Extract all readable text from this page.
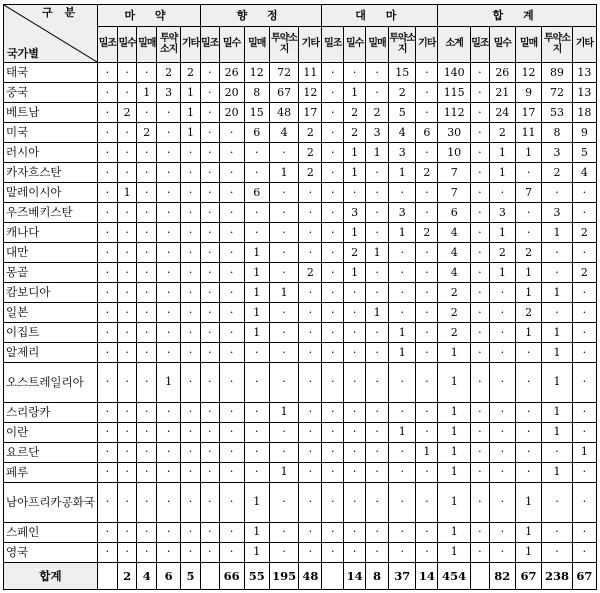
구 분
국가별	마 약					향 정					대 마					합 계					
	밀조	밀수	밀매	투약소지	기타	밀조	밀수	밀매	투약소지	기타	밀조	밀수	밀매	투약소지	기타	소계	밀조	밀수	밀매	투약소지	기타
태국	·	·	·	2	2	·	26	12	72	11	·	·	·	15	·	140	·	26	12	89	13
중국	·	·	1	3	1	·	20	8	67	12	·	1	·	2	·	115	·	21	9	72	13
베트남	·	2	·	·	1	·	20	15	48	17	·	2	2	5	·	112	·	24	17	53	18
미국	·	·	2	·	1	·	·	6	4	2	·	2	3	4	6	30	·	2	11	8	9
러시아	·	·	·	·	·	·	·	·	·	2	·	1	1	3	·	10	·	1	1	3	5
카자흐스탄	·	·	·	·	·	·	·	·	1	2	·	1	·	1	2	7	·	1	·	2	4
말레이시아	·	1	·	·	·	·	·	6	·	·	·	·	·	·	·	7	·	·	7	·	·
우즈베키스탄	·	·	·	·	·	·	·	·	·	·	·	3	·	3	·	6	·	3	·	3	·
캐나다	·	·	·	·	·	·	·	·	·	·	·	1	·	1	2	4	·	1	·	1	2
대만	·	·	·	·	·	·	·	1	·	·	·	2	1	·	·	4	·	2	2	·	·
몽골	·	·	·	·	·	·	·	1	·	2	·	1	·	·	·	4	·	1	1	·	2
캄보디아	·	·	·	·	·	·	·	1	1	·	·	·	·	·	·	2	·	·	1	1	·
일본	·	·	·	·	·	·	·	1	·	·	·	·	1	·	·	2	·	·	2	·	·
이집트	·	·	·	·	·	·	·	1	·	·	·	·	·	1	·	2	·	·	1	1	·
알제리	·	·	·	·	·	·	·	·	·	·	·	·	·	1	·	1	·	·	·	1	·
오스트레일리아	·	·	·	1	·	·	·	·	·	·	·	·	·	·	·	1	·	·	·	1	·
스리랑카	·	·	·	·	·	·	·	·	1	·	·	·	·	·	·	1	·	·	·	1	·
이란	·	·	·	·	·	·	·	·	·	·	·	·	·	1	·	1	·	·	·	1	·
요르단	·	·	·	·	·	·	·	·	·	·	·	·	·	·	1	1	·	·	·	·	1
페루	·	·	·	·	·	·	·	·	1	·	·	·	·	·	·	1	·	·	·	1	·
남아프리카공화국	·	·	·	·	·	·	·	1	·	·	·	·	·	·	·	1	·	·	1	·	·
스페인	·	·	·	·	·	·	·	1	·	·	·	·	·	·	·	1	·	·	1	·	·
영국	·	·	·	·	·	·	·	1	·	·	·	·	·	·	·	1	·	·	1	·	·
합계		2	4	6	5		66	55	195	48		14	8	37	14	454		82	67	238	67
